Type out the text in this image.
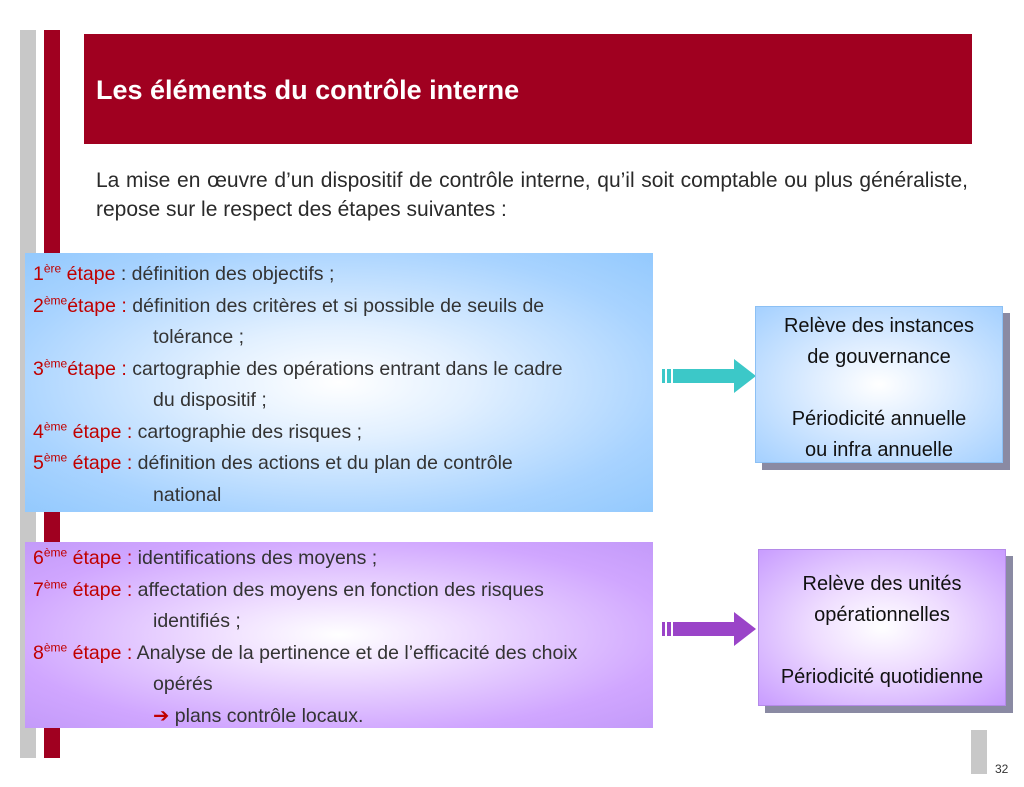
Les éléments du contrôle interne
La mise en œuvre d’un dispositif de contrôle interne, qu’il soit comptable ou plus généraliste, repose sur le respect des étapes suivantes :
1ère étape : définition des objectifs ;
2èmeétape : définition des critères et si possible de seuils de
tolérance ;
3èmeétape : cartographie des opérations entrant dans le cadre
du dispositif ;
4ème étape : cartographie des risques ;
5ème étape : définition des actions et du plan de contrôle
national
6ème étape : identifications des moyens ;
7ème étape : affectation des moyens en fonction des risques
identifiés ;
8ème étape : Analyse de la pertinence et de l’efficacité des choix
opérés
➔ plans contrôle locaux.
Relève des instances
de gouvernance
Périodicité annuelle
ou infra annuelle
Relève des unités
opérationnelles
Périodicité quotidienne
32
